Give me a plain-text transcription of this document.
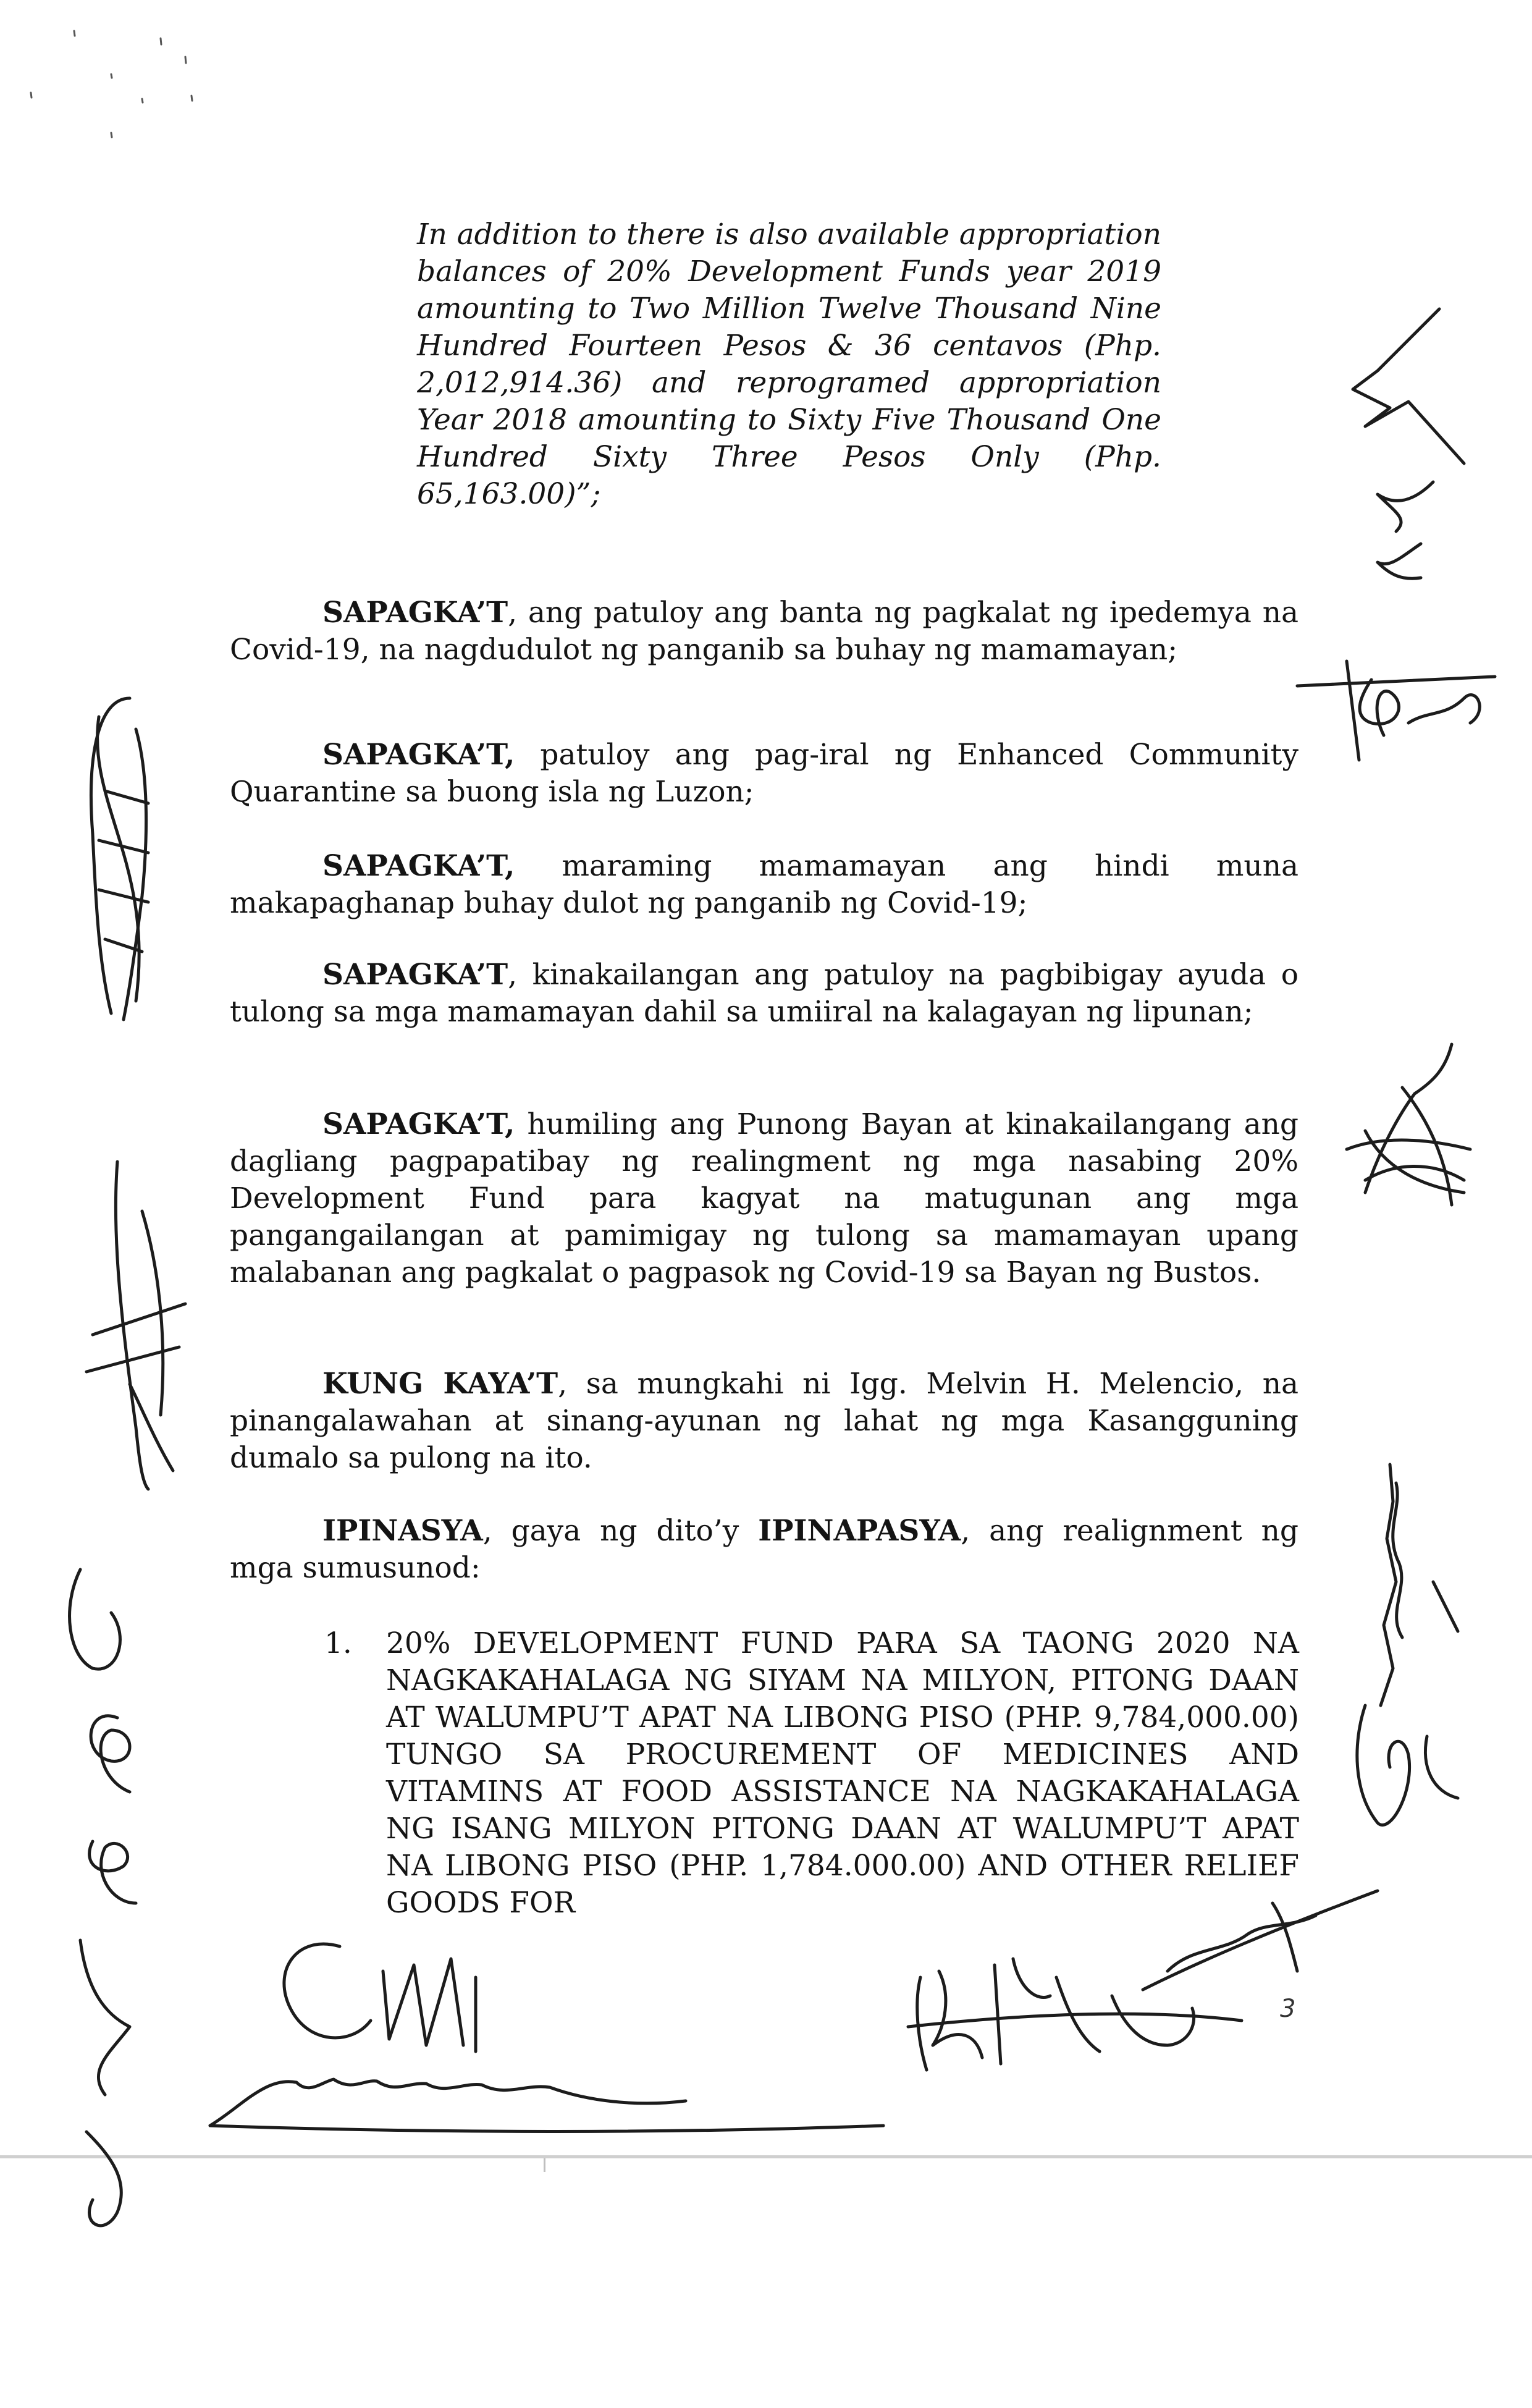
In addition to there is also available appropriation balances of 20% Development Funds year 2019 amounting to Two Million Twelve Thousand Nine Hundred Fourteen Pesos & 36 centavos (Php. 2,012,914.36) and reprogramed appropriation Year 2018 amounting to Sixty Five Thousand One Hundred Sixty Three Pesos Only (Php. 65,163.00)”;

SAPAGKA’T, ang patuloy ang banta ng pagkalat ng ipedemya na Covid-19, na nagdudulot ng panganib sa buhay ng mamamayan;

SAPAGKA’T, patuloy ang pag-iral ng Enhanced Community Quarantine sa buong isla ng Luzon;

SAPAGKA’T, maraming mamamayan ang hindi muna makapaghanap buhay dulot ng panganib ng Covid-19;

SAPAGKA’T, kinakailangan ang patuloy na pagbibigay ayuda o tulong sa mga mamamayan dahil sa umiiral na kalagayan ng lipunan;

SAPAGKA’T, humiling ang Punong Bayan at kinakailangang ang dagliang pagpapatibay ng realingment ng mga nasabing 20% Development Fund para kagyat na matugunan ang mga pangangailangan at pamimigay ng tulong sa mamamayan upang malabanan ang pagkalat o pagpasok ng Covid-19 sa Bayan ng Bustos.

KUNG KAYA’T, sa mungkahi ni Igg. Melvin H. Melencio, na pinangalawahan at sinang-ayunan ng lahat ng mga Kasangguning dumalo sa pulong na ito.

IPINASYA, gaya ng dito’y IPINAPASYA, ang realignment ng mga sumusunod:

1. 20% DEVELOPMENT FUND PARA SA TAONG 2020 NA NAGKAKAHALAGA NG SIYAM NA MILYON, PITONG DAAN AT WALUMPU’T APAT NA LIBONG PISO (PHP. 9,784,000.00) TUNGO SA PROCUREMENT OF MEDICINES AND VITAMINS AT FOOD ASSISTANCE NA NAGKAKAHALAGA NG ISANG MILYON PITONG DAAN AT WALUMPU’T APAT NA LIBONG PISO (PHP. 1,784.000.00) AND OTHER RELIEF GOODS FOR
3
